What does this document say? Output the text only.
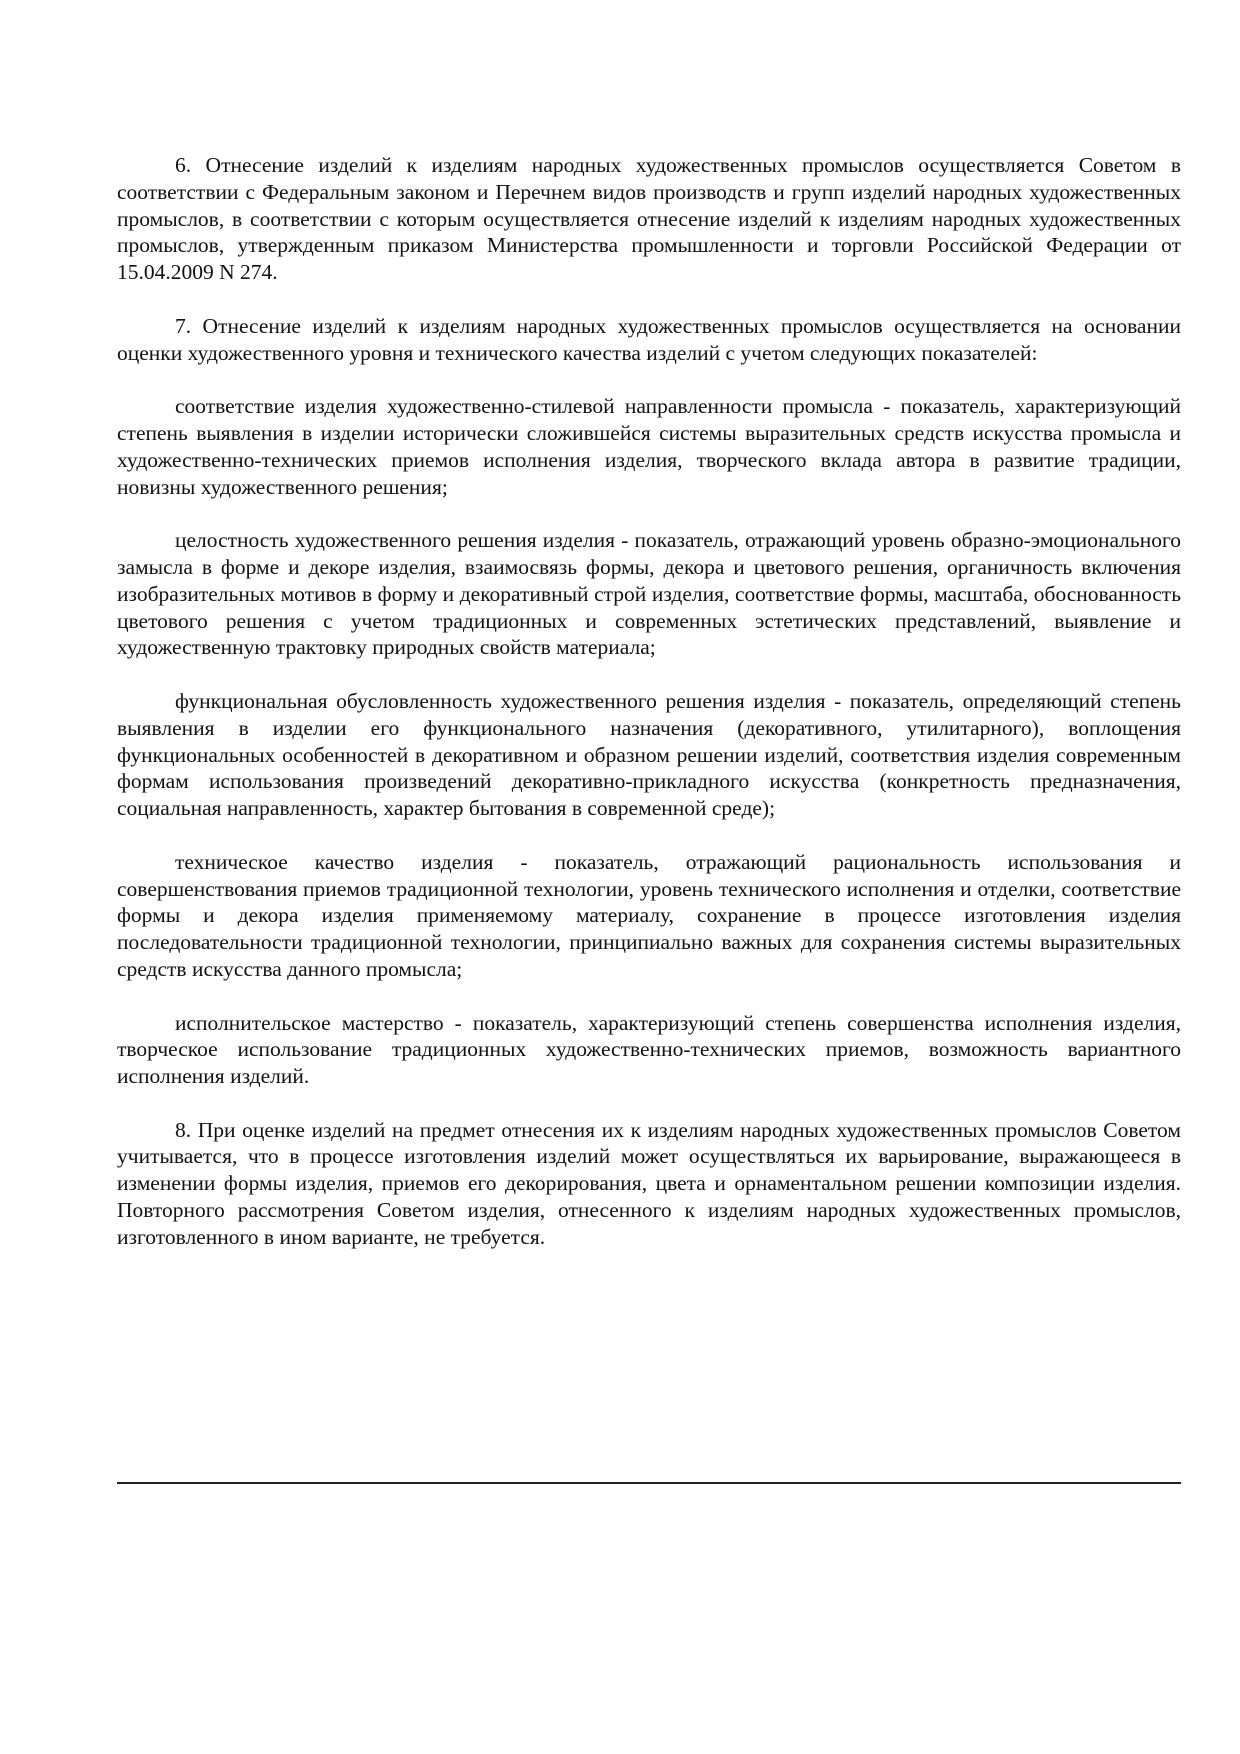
6. Отнесение изделий к изделиям народных художественных промыслов осуществляется Советом в соответствии с Федеральным законом и Перечнем видов производств и групп изделий народных художественных промыслов, в соответствии с которым осуществляется отнесение изделий к изделиям народных художественных промыслов, утвержденным приказом Министерства промышленности и торговли Российской Федерации от 15.04.2009 N 274.

7. Отнесение изделий к изделиям народных художественных промыслов осуществляется на основании оценки художественного уровня и технического качества изделий с учетом следующих показателей:

соответствие изделия художественно-стилевой направленности промысла - показатель, характеризующий степень выявления в изделии исторически сложившейся системы выразительных средств искусства промысла и художественно-технических приемов исполнения изделия, творческого вклада автора в развитие традиции, новизны художественного решения;

целостность художественного решения изделия - показатель, отражающий уровень образно-эмоционального замысла в форме и декоре изделия, взаимосвязь формы, декора и цветового решения, органичность включения изобразительных мотивов в форму и декоративный строй изделия, соответствие формы, масштаба, обоснованность цветового решения с учетом традиционных и современных эстетических представлений, выявление и художественную трактовку природных свойств материала;

функциональная обусловленность художественного решения изделия - показатель, определяющий степень выявления в изделии его функционального назначения (декоративного, утилитарного), воплощения функциональных особенностей в декоративном и образном решении изделий, соответствия изделия современным формам использования произведений декоративно-прикладного искусства (конкретность предназначения, социальная направленность, характер бытования в современной среде);

техническое качество изделия - показатель, отражающий рациональность использования и совершенствования приемов традиционной технологии, уровень технического исполнения и отделки, соответствие формы и декора изделия применяемому материалу, сохранение в процессе изготовления изделия последовательности традиционной технологии, принципиально важных для сохранения системы выразительных средств искусства данного промысла;

исполнительское мастерство - показатель, характеризующий степень совершенства исполнения изделия, творческое использование традиционных художественно-технических приемов, возможность вариантного исполнения изделий.

8. При оценке изделий на предмет отнесения их к изделиям народных художественных промыслов Советом учитывается, что в процессе изготовления изделий может осуществляться их варьирование, выражающееся в изменении формы изделия, приемов его декорирования, цвета и орнаментальном решении композиции изделия. Повторного рассмотрения Советом изделия, отнесенного к изделиям народных художественных промыслов, изготовленного в ином варианте, не требуется.
